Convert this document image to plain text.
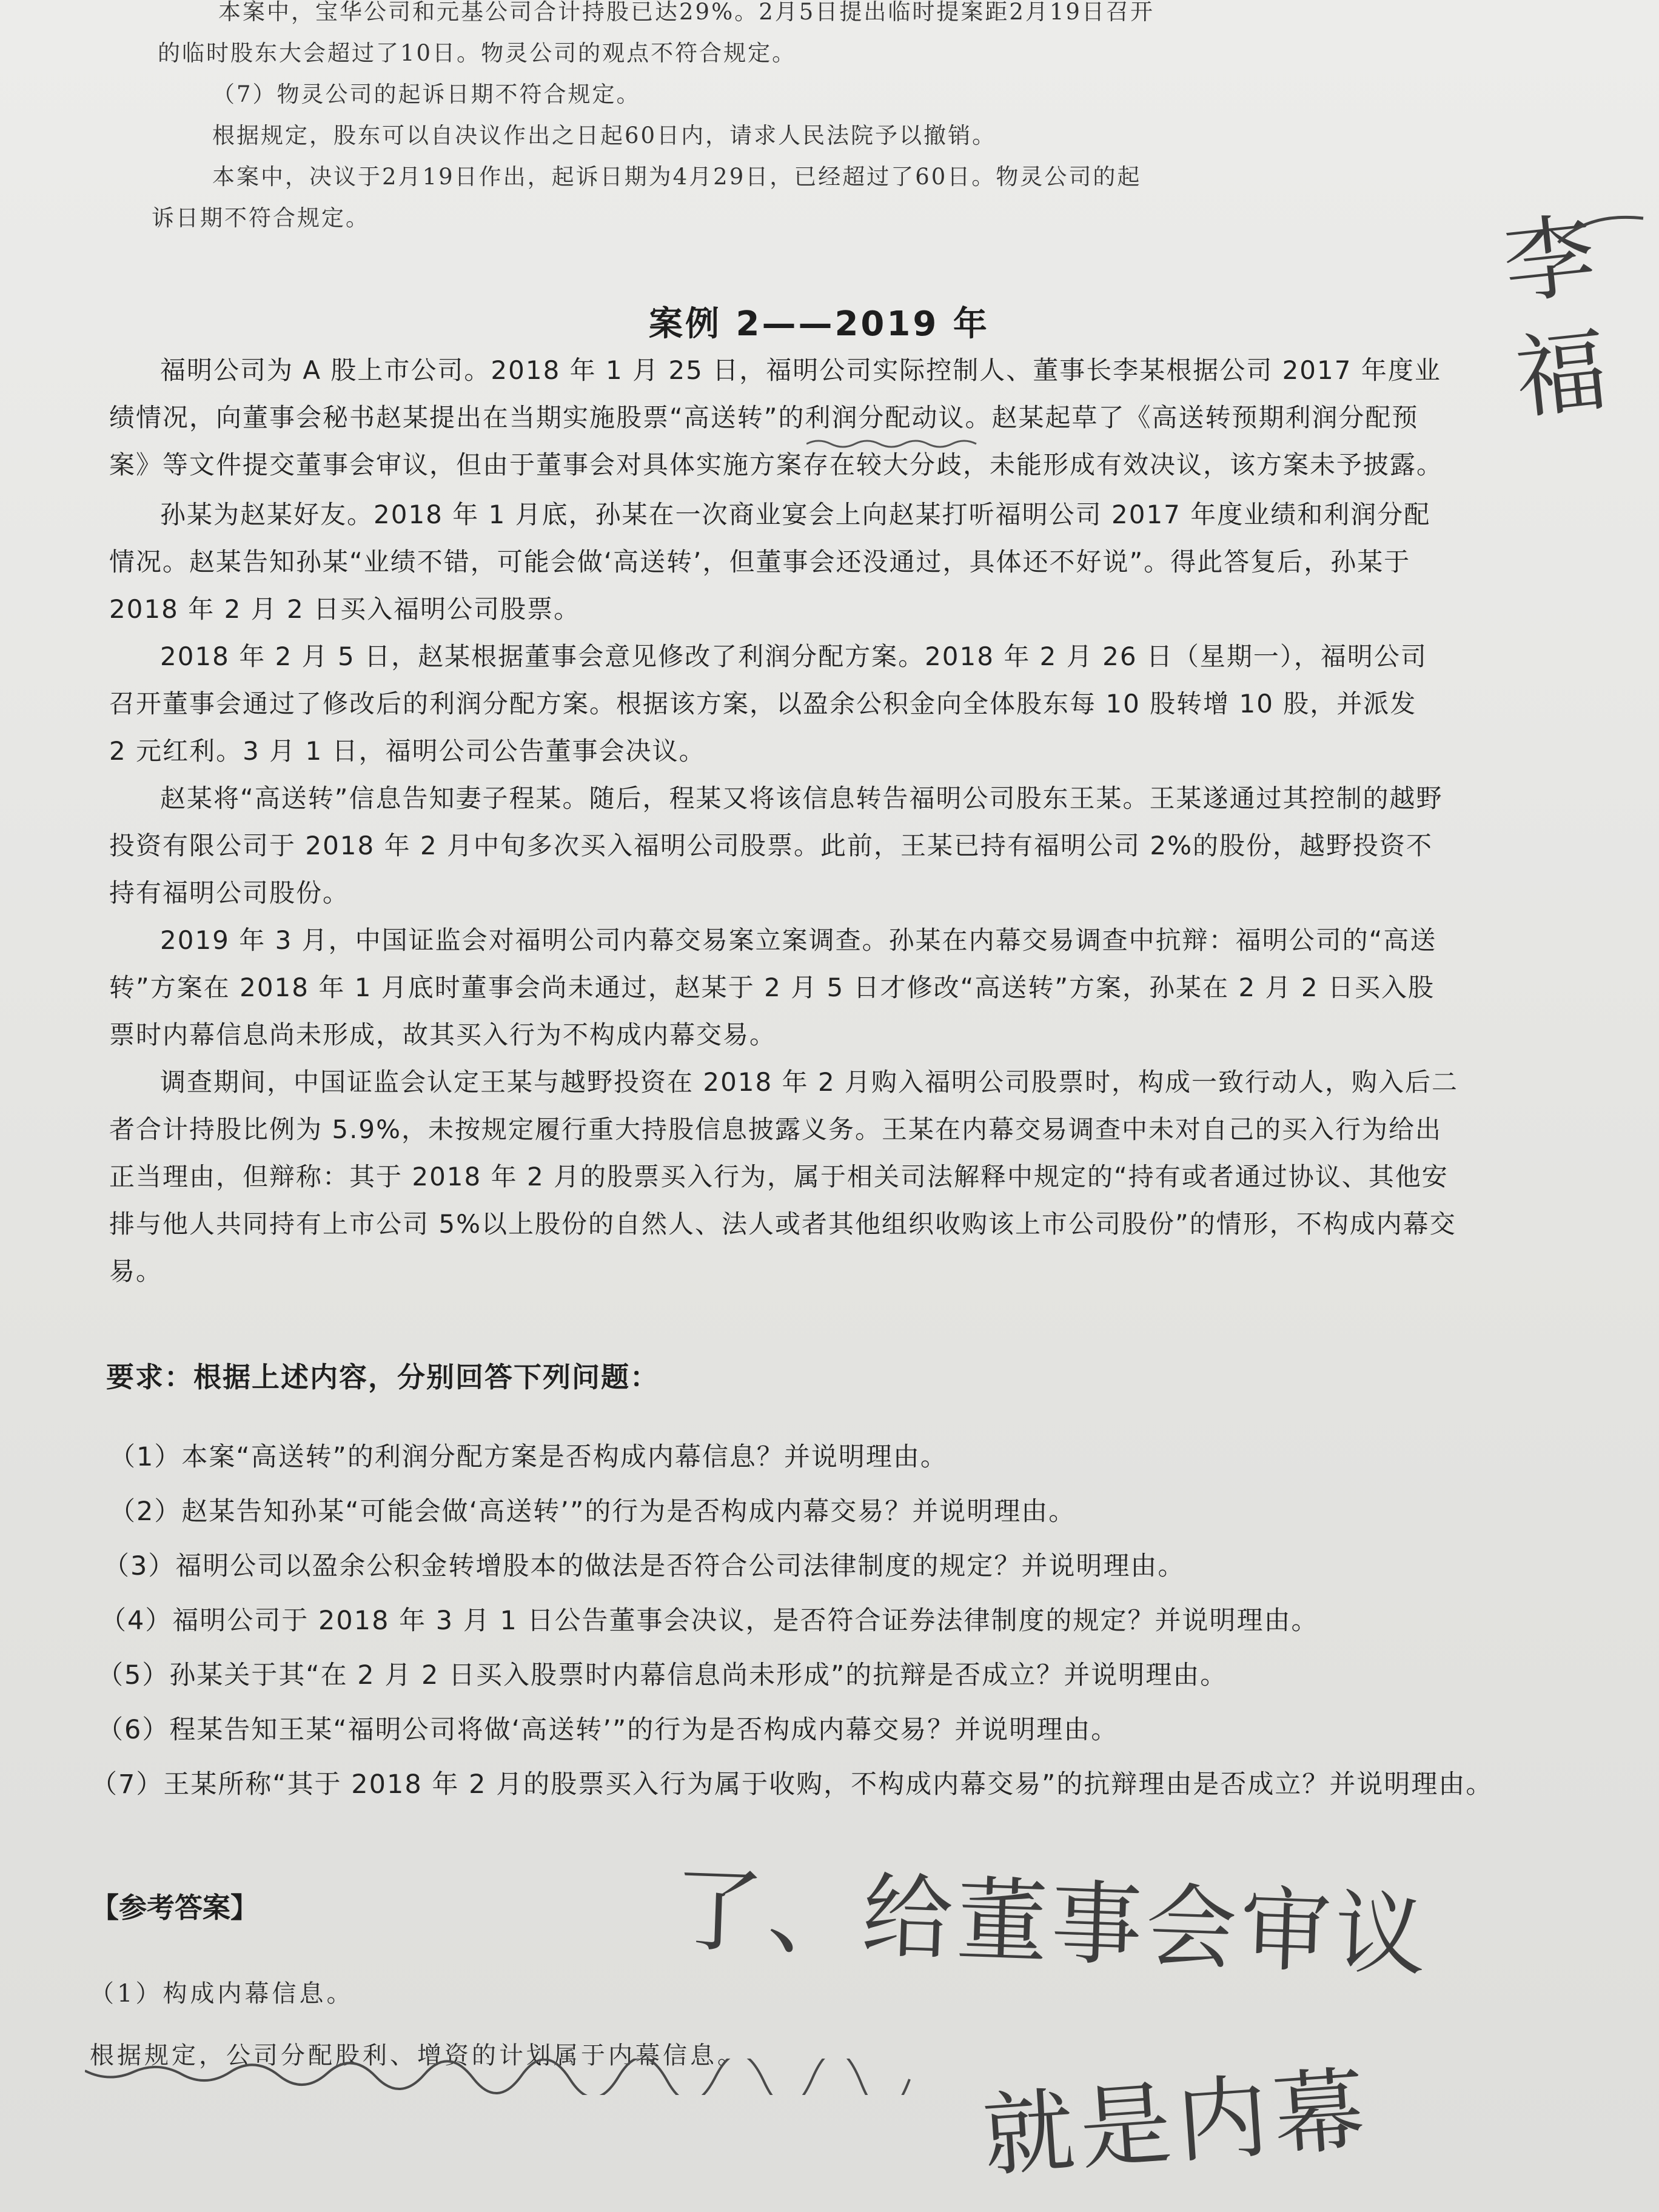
本案中，宝华公司和元基公司合计持股已达29%。2月5日提出临时提案距2月19日召开

的临时股东大会超过了10日。物灵公司的观点不符合规定。

（7）物灵公司的起诉日期不符合规定。

根据规定，股东可以自决议作出之日起60日内，请求人民法院予以撤销。

本案中，决议于2月19日作出，起诉日期为4月29日，已经超过了60日。物灵公司的起

诉日期不符合规定。

案例 2——2019 年

福明公司为 A 股上市公司。2018 年 1 月 25 日，福明公司实际控制人、董事长李某根据公司 2017 年度业绩情况，向董事会秘书赵某提出在当期实施股票“高送转”的利润分配动议。赵某起草了《高送转预期利润分配预案》等文件提交董事会审议，但由于董事会对具体实施方案存在较大分歧，未能形成有效决议，该方案未予披露。

孙某为赵某好友。2018 年 1 月底，孙某在一次商业宴会上向赵某打听福明公司 2017 年度业绩和利润分配情况。赵某告知孙某“业绩不错，可能会做‘高送转’，但董事会还没通过，具体还不好说”。得此答复后，孙某于 2018 年 2 月 2 日买入福明公司股票。

2018 年 2 月 5 日，赵某根据董事会意见修改了利润分配方案。2018 年 2 月 26 日（星期一），福明公司召开董事会通过了修改后的利润分配方案。根据该方案，以盈余公积金向全体股东每 10 股转增 10 股，并派发 2 元红利。3 月 1 日，福明公司公告董事会决议。

赵某将“高送转”信息告知妻子程某。随后，程某又将该信息转告福明公司股东王某。王某遂通过其控制的越野投资有限公司于 2018 年 2 月中旬多次买入福明公司股票。此前，王某已持有福明公司 2%的股份，越野投资不持有福明公司股份。

2019 年 3 月，中国证监会对福明公司内幕交易案立案调查。孙某在内幕交易调查中抗辩：福明公司的“高送转”方案在 2018 年 1 月底时董事会尚未通过，赵某于 2 月 5 日才修改“高送转”方案，孙某在 2 月 2 日买入股票时内幕信息尚未形成，故其买入行为不构成内幕交易。

调查期间，中国证监会认定王某与越野投资在 2018 年 2 月购入福明公司股票时，构成一致行动人，购入后二者合计持股比例为 5.9%，未按规定履行重大持股信息披露义务。王某在内幕交易调查中未对自己的买入行为给出正当理由，但辩称：其于 2018 年 2 月的股票买入行为，属于相关司法解释中规定的“持有或者通过协议、其他安排与他人共同持有上市公司 5%以上股份的自然人、法人或者其他组织收购该上市公司股份”的情形，不构成内幕交易。

要求：根据上述内容，分别回答下列问题：

（1）本案“高送转”的利润分配方案是否构成内幕信息？并说明理由。

（2）赵某告知孙某“可能会做‘高送转’”的行为是否构成内幕交易？并说明理由。

（3）福明公司以盈余公积金转增股本的做法是否符合公司法律制度的规定？并说明理由。

（4）福明公司于 2018 年 3 月 1 日公告董事会决议，是否符合证券法律制度的规定？并说明理由。

（5）孙某关于其“在 2 月 2 日买入股票时内幕信息尚未形成”的抗辩是否成立？并说明理由。

（6）程某告知王某“福明公司将做‘高送转’”的行为是否构成内幕交易？并说明理由。

（7）王某所称“其于 2018 年 2 月的股票买入行为属于收购，不构成内幕交易”的抗辩理由是否成立？并说明理由。

【参考答案】

（1）构成内幕信息。

根据规定，公司分配股利、增资的计划属于内幕信息。

李
福
了、给董事会审议
就是内幕
